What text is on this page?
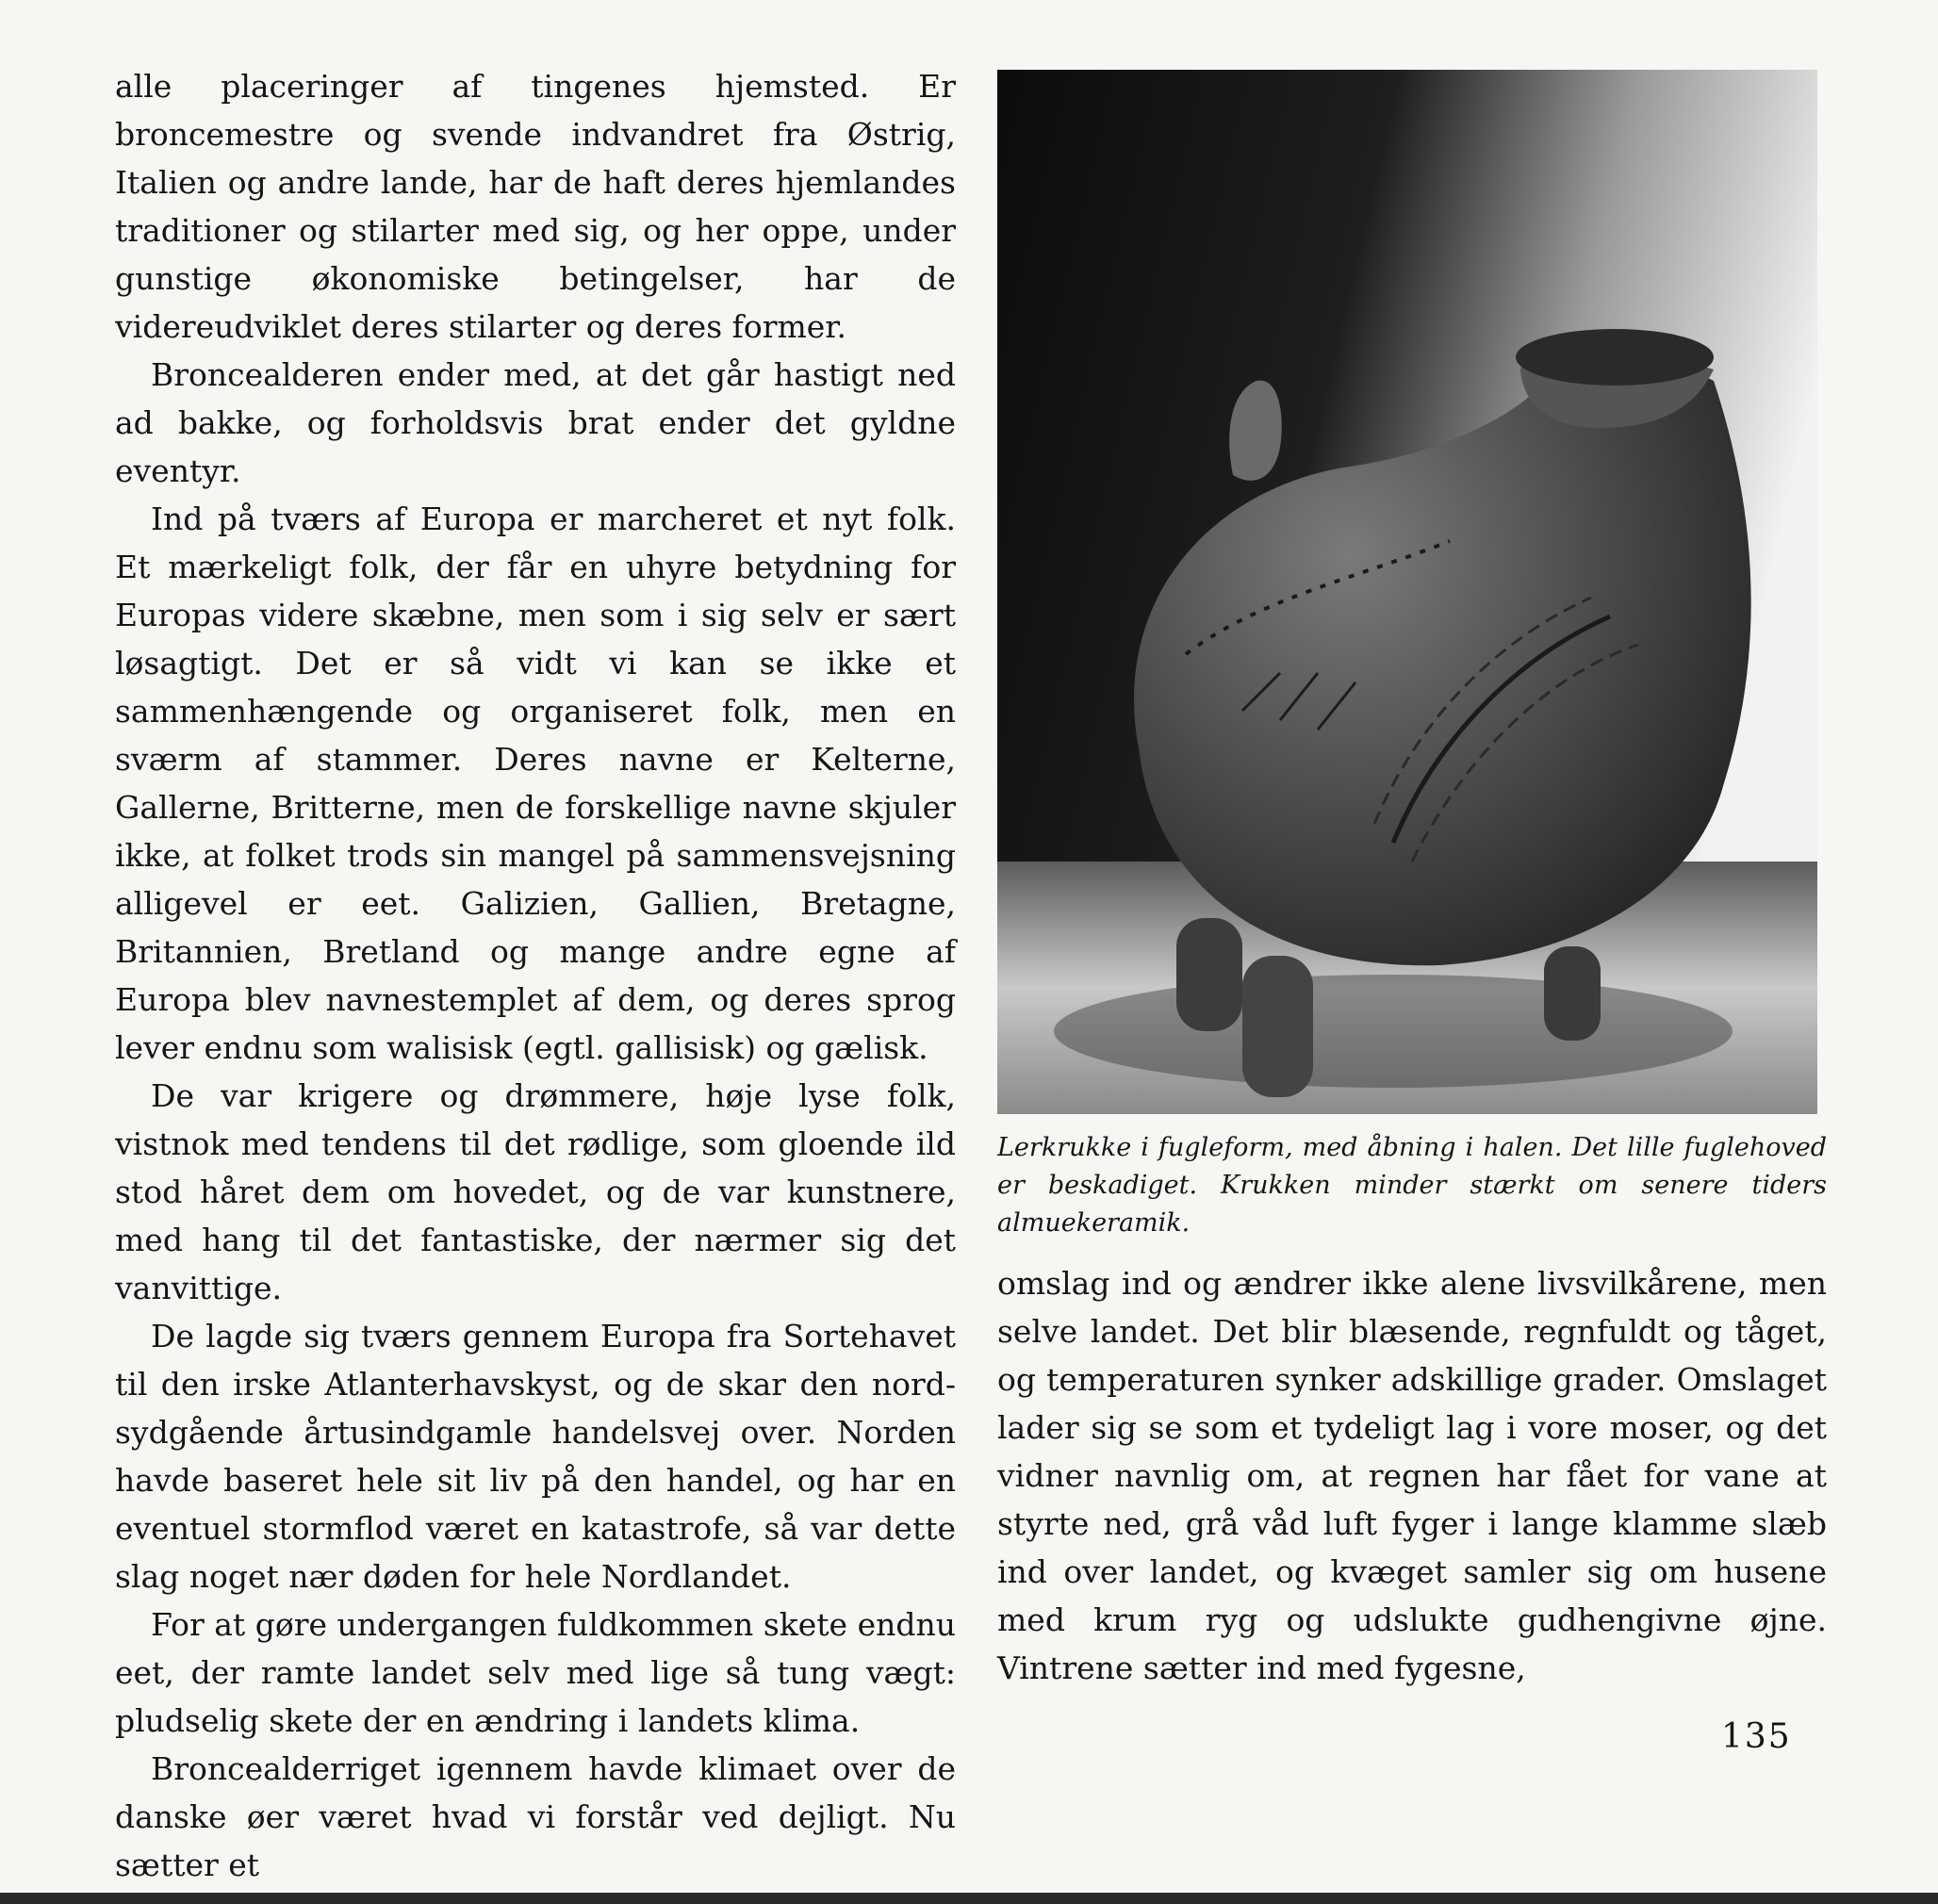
alle placeringer af tingenes hjemsted. Er broncemestre og svende indvandret fra Østrig, Italien og andre lande, har de haft deres hjemlandes traditioner og stilarter med sig, og her oppe, under gunstige økonomiske betingelser, har de videreudviklet deres stilarter og deres former.

Broncealderen ender med, at det går hastigt ned ad bakke, og forholdsvis brat ender det gyldne eventyr.

Ind på tværs af Europa er marcheret et nyt folk. Et mærkeligt folk, der får en uhyre betydning for Europas videre skæbne, men som i sig selv er sært løsagtigt. Det er så vidt vi kan se ikke et sammenhængende og organiseret folk, men en sværm af stammer. Deres navne er Kelterne, Gallerne, Britterne, men de forskellige navne skjuler ikke, at folket trods sin mangel på sammensvejsning alligevel er eet. Galizien, Gallien, Bretagne, Britannien, Bretland og mange andre egne af Europa blev navnestemplet af dem, og deres sprog lever endnu som walisisk (egtl. gallisisk) og gælisk.

De var krigere og drømmere, høje lyse folk, vistnok med tendens til det rødlige, som gloende ild stod håret dem om hovedet, og de var kunstnere, med hang til det fantastiske, der nærmer sig det vanvittige.

De lagde sig tværs gennem Europa fra Sortehavet til den irske Atlanterhavskyst, og de skar den nord-sydgående årtusindgamle handelsvej over. Norden havde baseret hele sit liv på den handel, og har en eventuel stormflod været en katastrofe, så var dette slag noget nær døden for hele Nordlandet.

For at gøre undergangen fuldkommen skete endnu eet, der ramte landet selv med lige så tung vægt: pludselig skete der en ændring i landets klima.

Broncealderriget igennem havde klimaet over de danske øer været hvad vi forstår ved dejligt. Nu sætter et

Lerkrukke i fugleform, med åbning i halen. Det lille fuglehoved er beskadiget. Krukken minder stærkt om senere tiders almuekeramik.

omslag ind og ændrer ikke alene livsvilkårene, men selve landet. Det blir blæsende, regnfuldt og tåget, og temperaturen synker adskillige grader. Omslaget lader sig se som et tydeligt lag i vore moser, og det vidner navnlig om, at regnen har fået for vane at styrte ned, grå våd luft fyger i lange klamme slæb ind over landet, og kvæget samler sig om husene med krum ryg og udslukte gudhengivne øjne. Vintrene sætter ind med fygesne,

135
